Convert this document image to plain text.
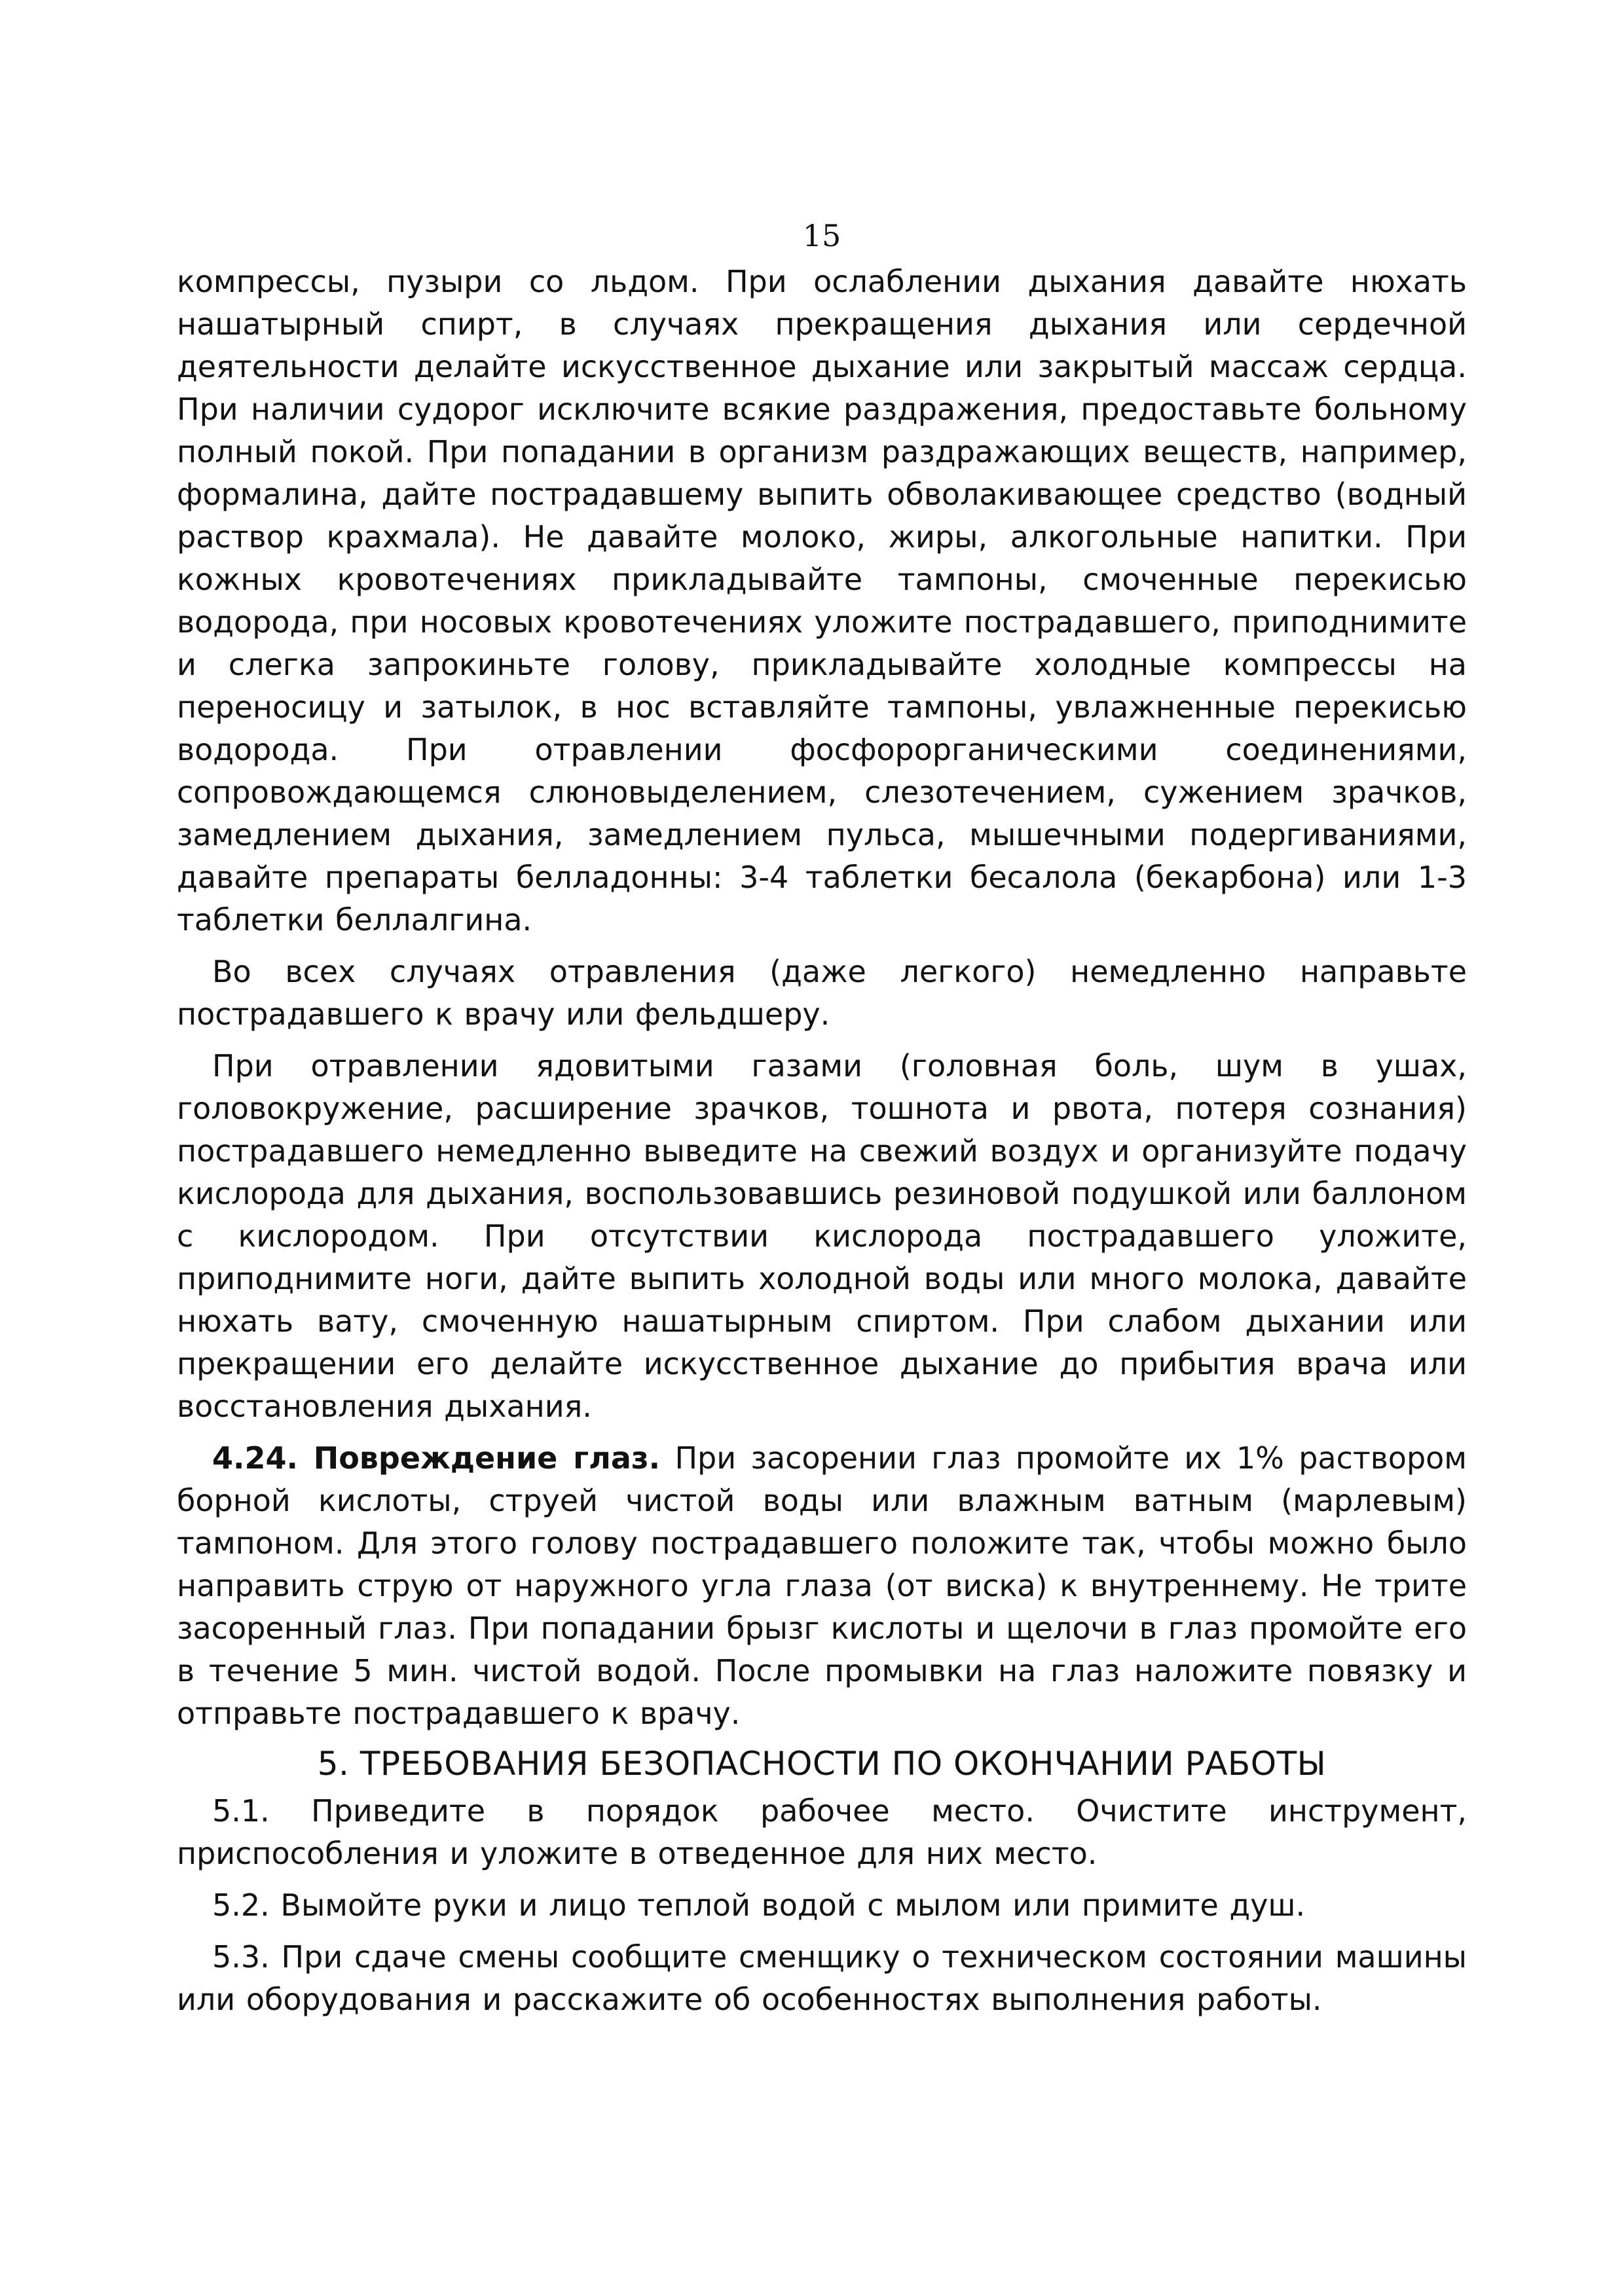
15

компрессы, пузыри со льдом. При ослаблении дыхания давайте нюхать нашатырный спирт, в случаях прекращения дыхания или сердечной деятельности делайте искусственное дыхание или закрытый массаж сердца. При наличии судорог исключите всякие раздражения, предоставьте больному полный покой. При попадании в организм раздражающих веществ, например, формалина, дайте пострадавшему выпить обволакивающее средство (водный раствор крахмала). Не давайте молоко, жиры, алкогольные напитки. При кожных кровотечениях прикладывайте тампоны, смоченные перекисью водорода, при носовых кровотечениях уложите пострадавшего, приподнимите и слегка запрокиньте голову, прикладывайте холодные компрессы на переносицу и затылок, в нос вставляйте тампоны, увлажненные перекисью водорода. При отравлении фосфорорганическими соединениями, сопровождающемся слюновыделением, слезотечением, сужением зрачков, замедлением дыхания, замедлением пульса, мышечными подергиваниями, давайте препараты белладонны: 3-4 таблетки бесалола (бекарбона) или 1-3 таблетки беллалгина.

Во всех случаях отравления (даже легкого) немедленно направьте пострадавшего к врачу или фельдшеру.

При отравлении ядовитыми газами (головная боль, шум в ушах, головокружение, расширение зрачков, тошнота и рвота, потеря сознания) пострадавшего немедленно выведите на свежий воздух и организуйте подачу кислорода для дыхания, воспользовавшись резиновой подушкой или баллоном с кислородом. При отсутствии кислорода пострадавшего уложите, приподнимите ноги, дайте выпить холодной воды или много молока, давайте нюхать вату, смоченную нашатырным спиртом. При слабом дыхании или прекращении его делайте искусственное дыхание до прибытия врача или восстановления дыхания.

4.24. Повреждение глаз. При засорении глаз промойте их 1% раствором борной кислоты, струей чистой воды или влажным ватным (марлевым) тампоном. Для этого голову пострадавшего положите так, чтобы можно было направить струю от наружного угла глаза (от виска) к внутреннему. Не трите засоренный глаз. При попадании брызг кислоты и щелочи в глаз промойте его в течение 5 мин. чистой водой. После промывки на глаз наложите повязку и отправьте пострадавшего к врачу.

5. ТРЕБОВАНИЯ БЕЗОПАСНОСТИ ПО ОКОНЧАНИИ РАБОТЫ

5.1. Приведите в порядок рабочее место. Очистите инструмент, приспособления и уложите в отведенное для них место.

5.2. Вымойте руки и лицо теплой водой с мылом или примите душ.

5.3. При сдаче смены сообщите сменщику о техническом состоянии машины или оборудования и расскажите об особенностях выполнения работы.
